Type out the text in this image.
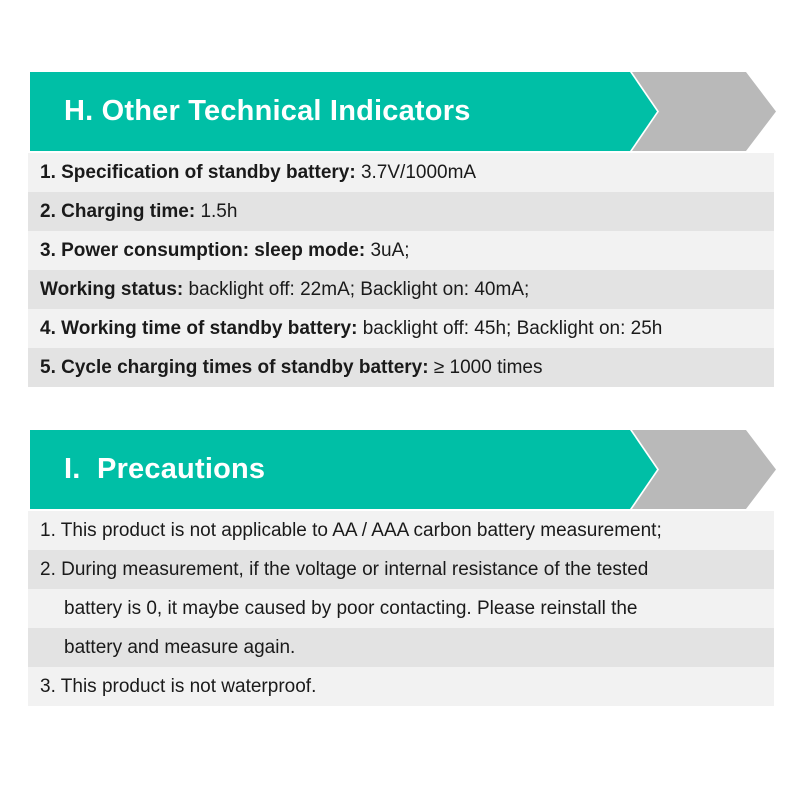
H. Other Technical Indicators
1. Specification of standby battery: 3.7V/1000mA
2. Charging time: 1.5h
3. Power consumption: sleep mode: 3uA;
Working status: backlight off: 22mA; Backlight on: 40mA;
4. Working time of standby battery: backlight off: 45h; Backlight on: 25h
5. Cycle charging times of standby battery: ≥ 1000 times
I.  Precautions
1. This product is not applicable to AA / AAA carbon battery measurement;
2. During measurement, if the voltage or internal resistance of the tested
battery is 0, it maybe caused by poor contacting. Please reinstall the
battery and measure again.
3. This product is not waterproof.
